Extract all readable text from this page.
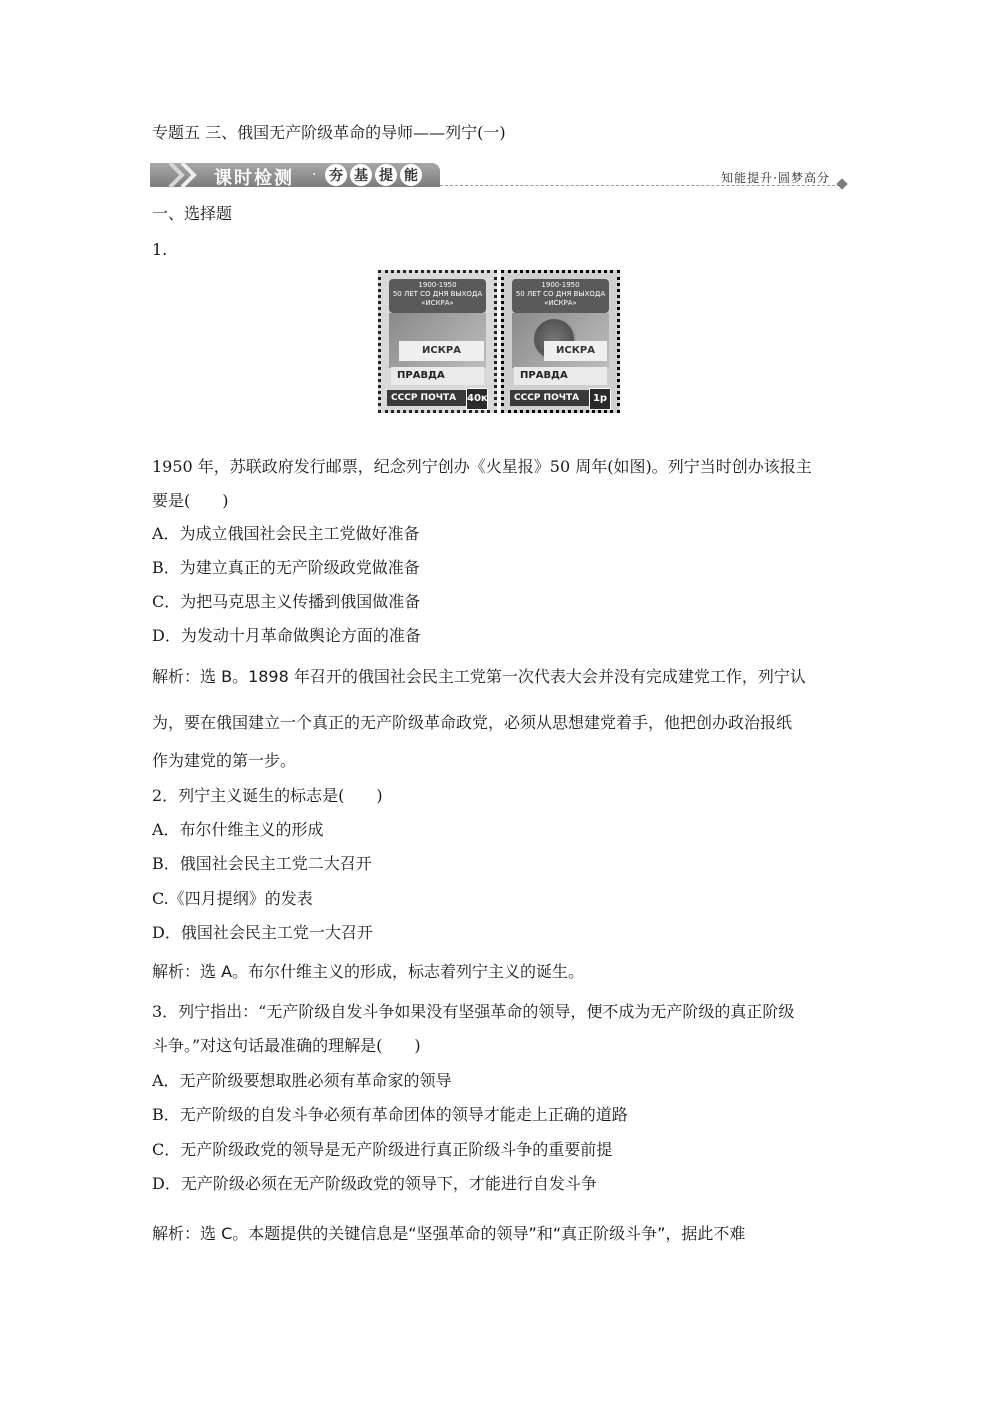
专题五 三、俄国无产阶级革命的导师——列宁(一)
课时检测 · 夯 基 提 能	知能提升·圆梦高分
一、选择题
1.
1900-1950
50 ЛЕТ СО ДНЯ ВЫХОДА
«ИСКРА»
ИСКРА
ПРАВДА
СССР ПОЧТА 40к
1900-1950
50 ЛЕТ СО ДНЯ ВЫХОДА
«ИСКРА»
ИСКРА
ПРАВДА
СССР ПОЧТА	1р
1950 年，苏联政府发行邮票，纪念列宁创办《火星报》50 周年(如图)。列宁当时创办该报主
要是(　　)
A．为成立俄国社会民主工党做好准备
B．为建立真正的无产阶级政党做准备
C．为把马克思主义传播到俄国做准备
D．为发动十月革命做舆论方面的准备
解析：选 B。1898 年召开的俄国社会民主工党第一次代表大会并没有完成建党工作，列宁认
为，要在俄国建立一个真正的无产阶级革命政党，必须从思想建党着手，他把创办政治报纸
作为建党的第一步。
2．列宁主义诞生的标志是(　　)
A．布尔什维主义的形成
B．俄国社会民主工党二大召开
C.《四月提纲》的发表
D．俄国社会民主工党一大召开
解析：选 A。布尔什维主义的形成，标志着列宁主义的诞生。
3．列宁指出：“无产阶级自发斗争如果没有坚强革命的领导，便不成为无产阶级的真正阶级
斗争。”对这句话最准确的理解是(　　)
A．无产阶级要想取胜必须有革命家的领导
B．无产阶级的自发斗争必须有革命团体的领导才能走上正确的道路
C．无产阶级政党的领导是无产阶级进行真正阶级斗争的重要前提
D．无产阶级必须在无产阶级政党的领导下，才能进行自发斗争
解析：选 C。本题提供的关键信息是“坚强革命的领导”和“真正阶级斗争”，据此不难
